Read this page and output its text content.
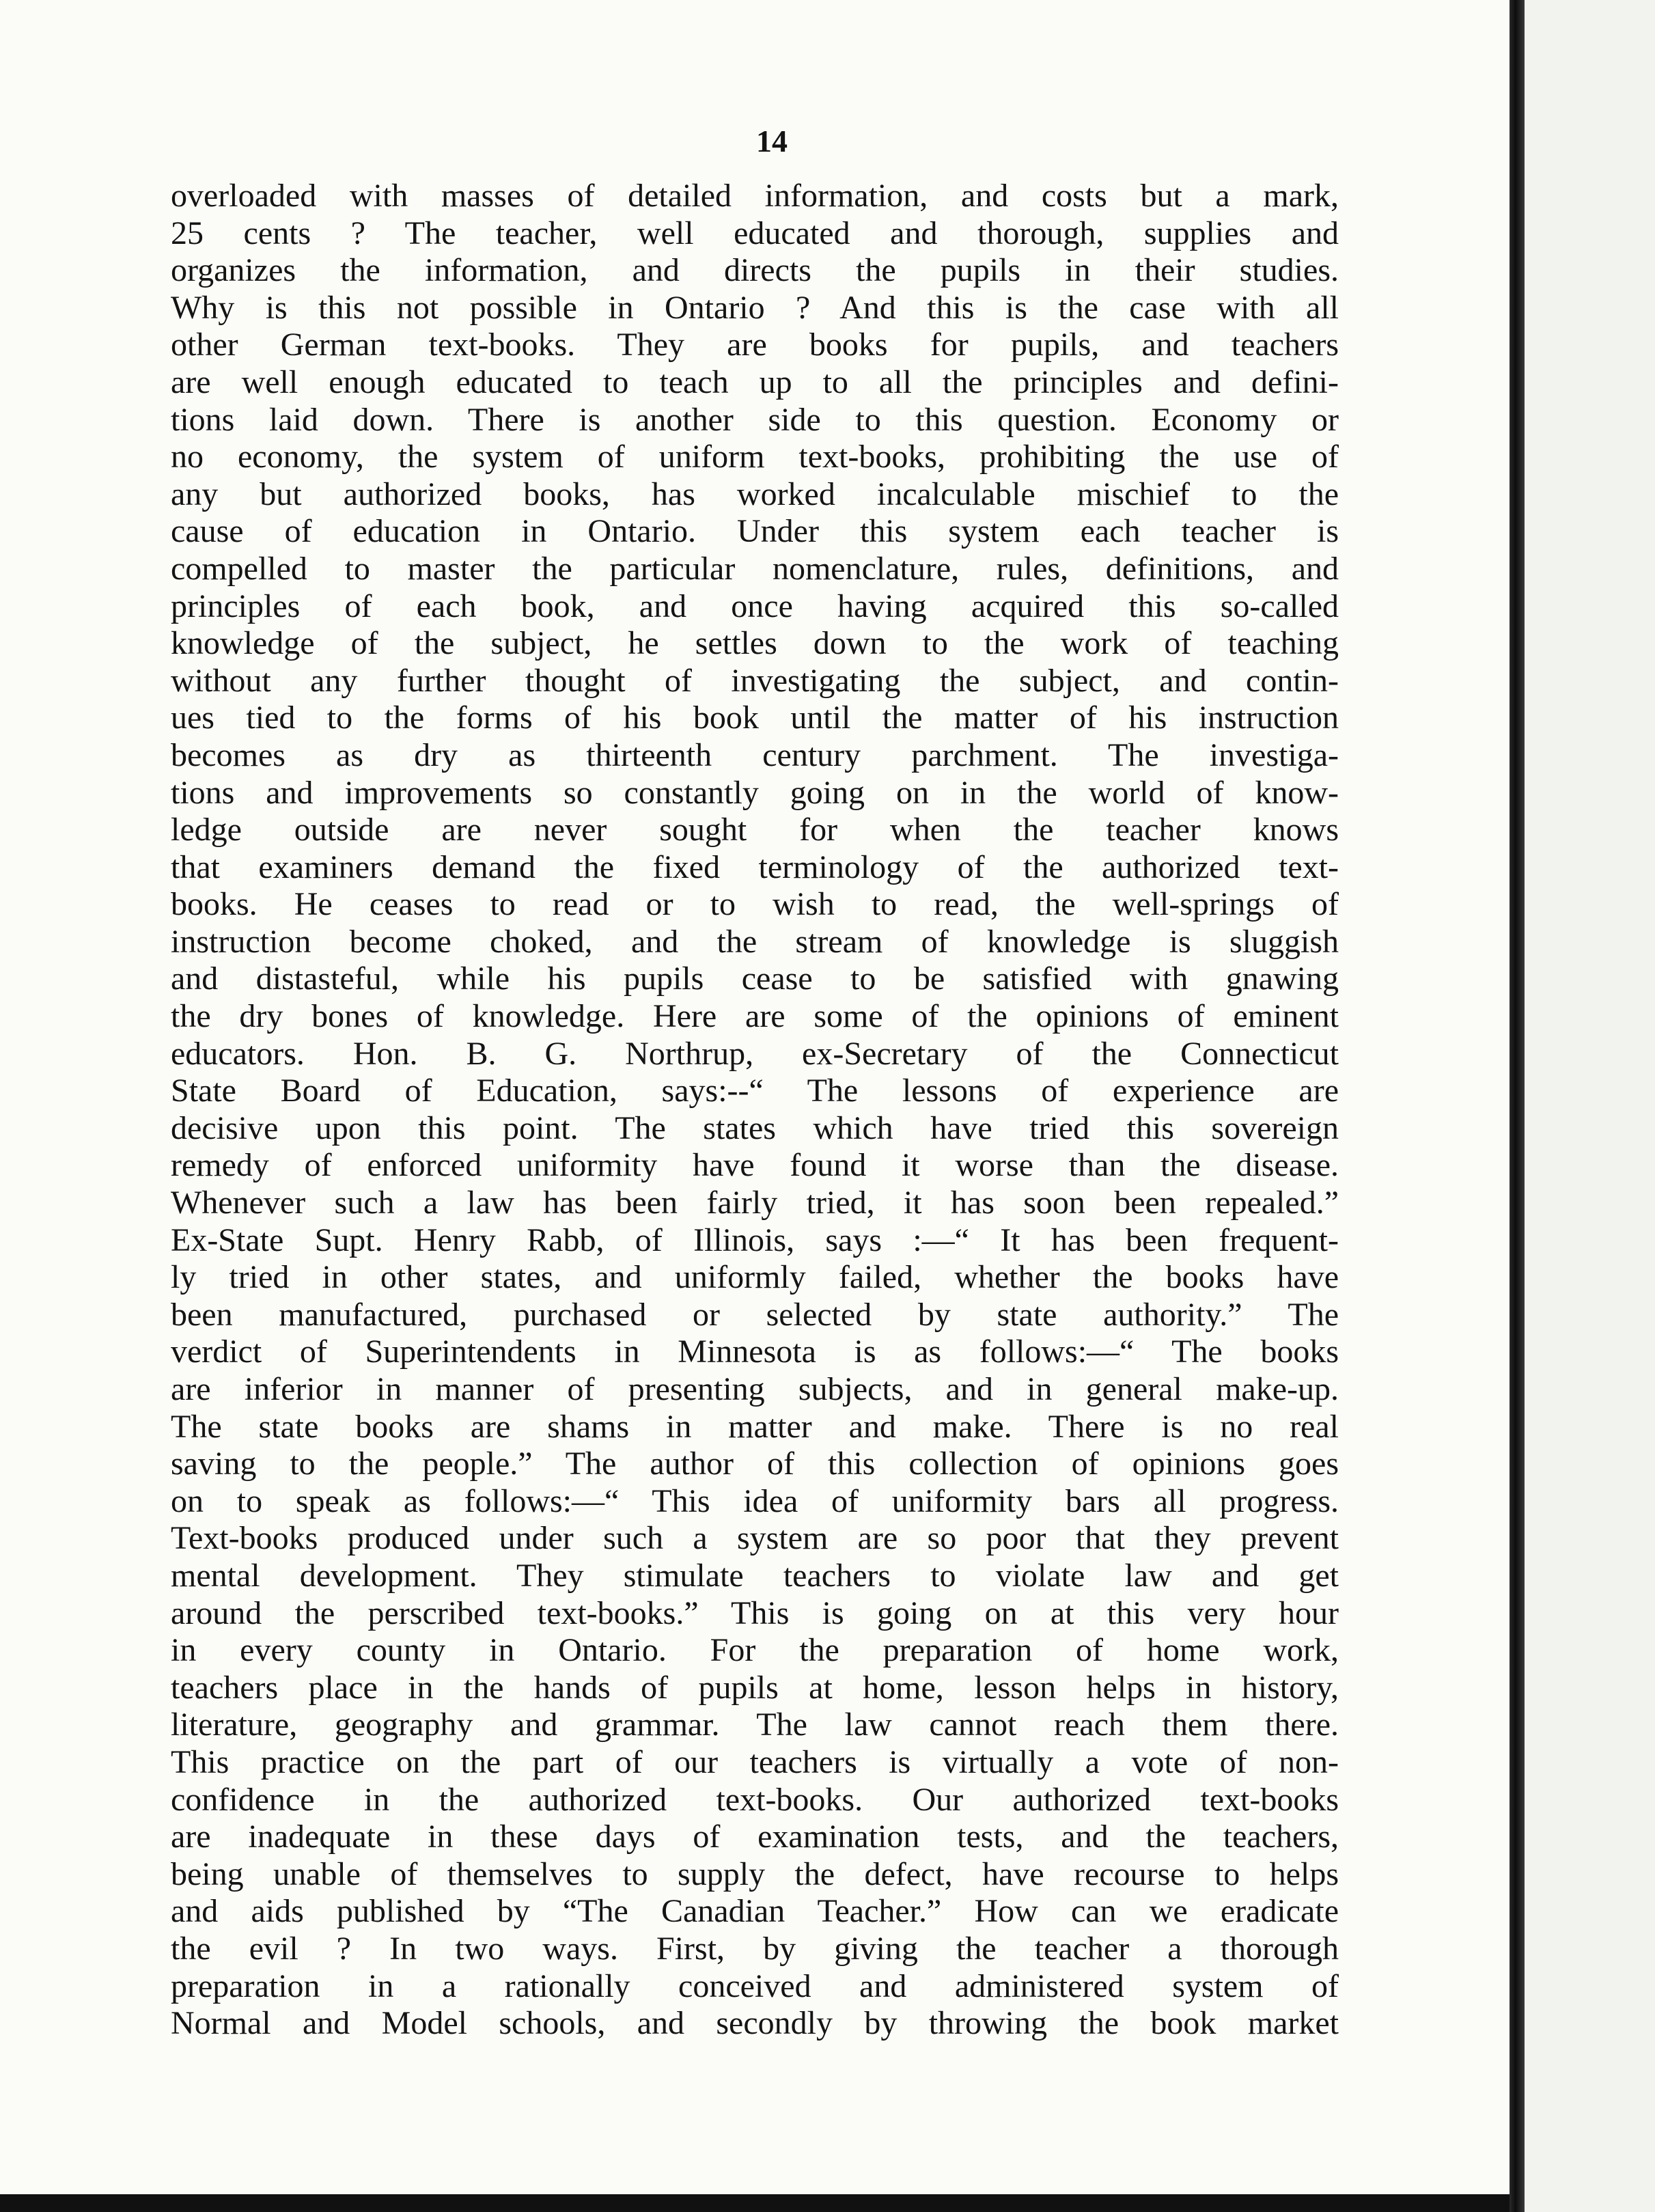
14
overloaded with masses of detailed information, and costs but a mark,
25 cents ? The teacher, well educated and thorough, supplies and
organizes the information, and directs the pupils in their studies.
Why is this not possible in Ontario ? And this is the case with all
other German text-books. They are books for pupils, and teachers
are well enough educated to teach up to all the principles and defini-
tions laid down. There is another side to this question. Economy or
no economy, the system of uniform text-books, prohibiting the use of
any but authorized books, has worked incalculable mischief to the
cause of education in Ontario. Under this system each teacher is
compelled to master the particular nomenclature, rules, definitions, and
principles of each book, and once having acquired this so-called
knowledge of the subject, he settles down to the work of teaching
without any further thought of investigating the subject, and contin-
ues tied to the forms of his book until the matter of his instruction
becomes as dry as thirteenth century parchment. The investiga-
tions and improvements so constantly going on in the world of know-
ledge outside are never sought for when the teacher knows
that examiners demand the fixed terminology of the authorized text-
books. He ceases to read or to wish to read, the well-springs of
instruction become choked, and the stream of knowledge is sluggish
and distasteful, while his pupils cease to be satisfied with gnawing
the dry bones of knowledge. Here are some of the opinions of eminent
educators. Hon. B. G. Northrup, ex-Secretary of the Connecticut
State Board of Education, says:--“ The lessons of experience are
decisive upon this point. The states which have tried this sovereign
remedy of enforced uniformity have found it worse than the disease.
Whenever such a law has been fairly tried, it has soon been repealed.”
Ex-State Supt. Henry Rabb, of Illinois, says :—“ It has been frequent-
ly tried in other states, and uniformly failed, whether the books have
been manufactured, purchased or selected by state authority.” The
verdict of Superintendents in Minnesota is as follows:—“ The books
are inferior in manner of presenting subjects, and in general make-up.
The state books are shams in matter and make. There is no real
saving to the people.” The author of this collection of opinions goes
on to speak as follows:—“ This idea of uniformity bars all progress.
Text-books produced under such a system are so poor that they prevent
mental development. They stimulate teachers to violate law and get
around the perscribed text-books.” This is going on at this very hour
in every county in Ontario. For the preparation of home work,
teachers place in the hands of pupils at home, lesson helps in history,
literature, geography and grammar. The law cannot reach them there.
This practice on the part of our teachers is virtually a vote of non-
confidence in the authorized text-books. Our authorized text-books
are inadequate in these days of examination tests, and the teachers,
being unable of themselves to supply the defect, have recourse to helps
and aids published by “The Canadian Teacher.” How can we eradicate
the evil ? In two ways. First, by giving the teacher a thorough
preparation in a rationally conceived and administered system of
Normal and Model schools, and secondly by throwing the book market
